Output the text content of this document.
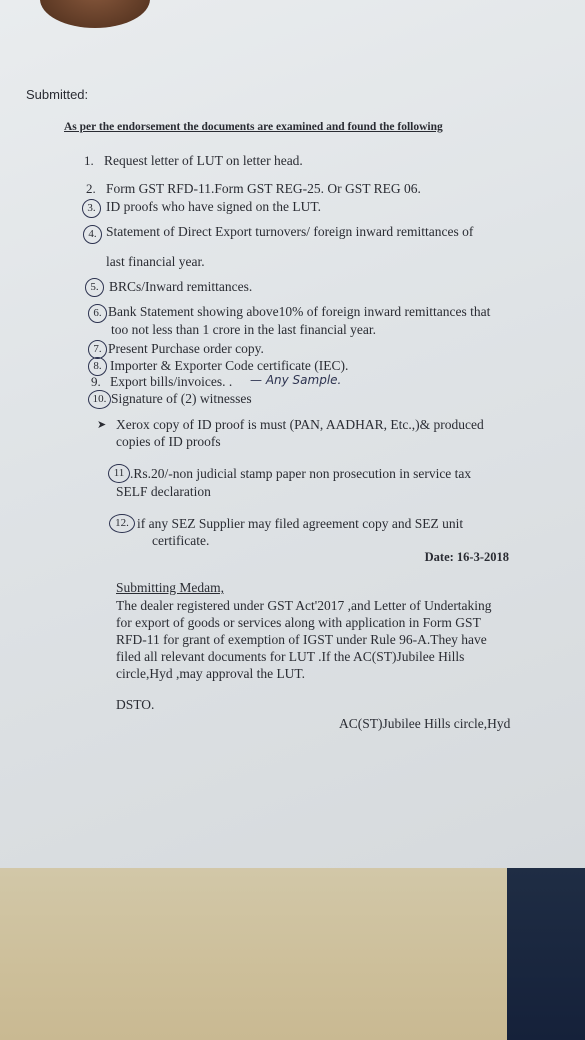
Submitted:
As per the endorsement the documents are examined and found the following
1. Request letter of LUT on letter head.
2. Form GST RFD-11.Form GST REG-25. Or GST REG 06.
3. ID proofs who have signed on the LUT.
4. Statement of Direct Export turnovers/ foreign inward remittances of
last financial year.
5. BRCs/Inward remittances.
6. Bank Statement showing above10% of foreign inward remittances that
too not less than 1 crore in the last financial year.
7. Present Purchase order copy.
8. Importer & Exporter Code certificate (IEC).
9. Export bills/invoices. . — Any Sample.
10. Signature of (2) witnesses
➤ Xerox copy of ID proof is must (PAN, AADHAR, Etc.,)& produced
copies of ID proofs
11 .Rs.20/-non judicial stamp paper non prosecution in service tax
SELF declaration
12. if any SEZ Supplier may filed agreement copy and SEZ unit
certificate.
Date: 16-3-2018
Submitting Medam,
The dealer registered under GST Act'2017 ,and Letter of Undertaking
for export of goods or services along with application in Form GST
RFD-11 for grant of exemption of IGST under Rule 96-A.They have
filed all relevant documents for LUT .If the AC(ST)Jubilee Hills
circle,Hyd ,may approval the LUT.
DSTO.
AC(ST)Jubilee Hills circle,Hyd
